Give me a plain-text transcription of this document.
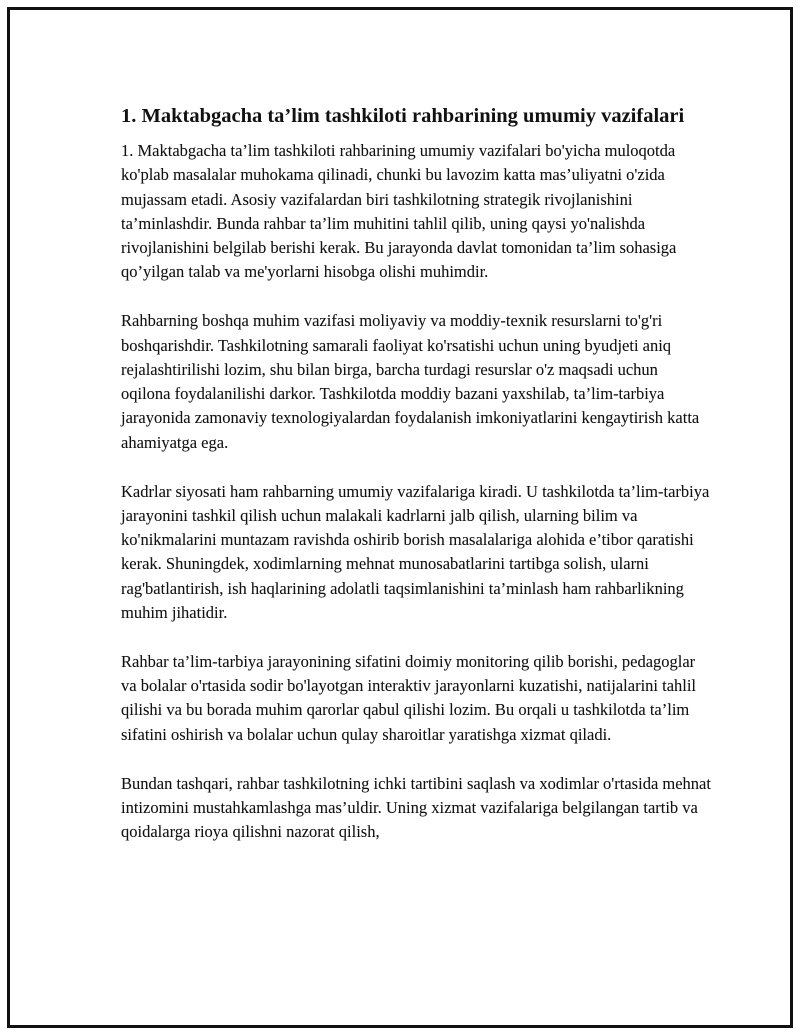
1. Maktabgacha ta’lim tashkiloti rahbarining umumiy vazifalari

1. Maktabgacha ta’lim tashkiloti rahbarining umumiy vazifalari bo'yicha muloqotda ko'plab masalalar muhokama qilinadi, chunki bu lavozim katta mas’uliyatni o'zida mujassam etadi. Asosiy vazifalardan biri tashkilotning strategik rivojlanishini ta’minlashdir. Bunda rahbar ta’lim muhitini tahlil qilib, uning qaysi yo'nalishda rivojlanishini belgilab berishi kerak. Bu jarayonda davlat tomonidan ta’lim sohasiga qo’yilgan talab va me'yorlarni hisobga olishi muhimdir.

Rahbarning boshqa muhim vazifasi moliyaviy va moddiy-texnik resurslarni to'g'ri boshqarishdir. Tashkilotning samarali faoliyat ko'rsatishi uchun uning byudjeti aniq rejalashtirilishi lozim, shu bilan birga, barcha turdagi resurslar o'z maqsadi uchun oqilona foydalanilishi darkor. Tashkilotda moddiy bazani yaxshilab, ta’lim-tarbiya jarayonida zamonaviy texnologiyalardan foydalanish imkoniyatlarini kengaytirish katta ahamiyatga ega.

Kadrlar siyosati ham rahbarning umumiy vazifalariga kiradi. U tashkilotda ta’lim-tarbiya jarayonini tashkil qilish uchun malakali kadrlarni jalb qilish, ularning bilim va ko'nikmalarini muntazam ravishda oshirib borish masalalariga alohida e’tibor qaratishi kerak. Shuningdek, xodimlarning mehnat munosabatlarini tartibga solish, ularni rag'batlantirish, ish haqlarining adolatli taqsimlanishini ta’minlash ham rahbarlikning muhim jihatidir.

Rahbar ta’lim-tarbiya jarayonining sifatini doimiy monitoring qilib borishi, pedagoglar va bolalar o'rtasida sodir bo'layotgan interaktiv jarayonlarni kuzatishi, natijalarini tahlil qilishi va bu borada muhim qarorlar qabul qilishi lozim. Bu orqali u tashkilotda ta’lim sifatini oshirish va bolalar uchun qulay sharoitlar yaratishga xizmat qiladi.

Bundan tashqari, rahbar tashkilotning ichki tartibini saqlash va xodimlar o'rtasida mehnat intizomini mustahkamlashga mas’uldir. Uning xizmat vazifalariga belgilangan tartib va qoidalarga rioya qilishni nazorat qilish,
